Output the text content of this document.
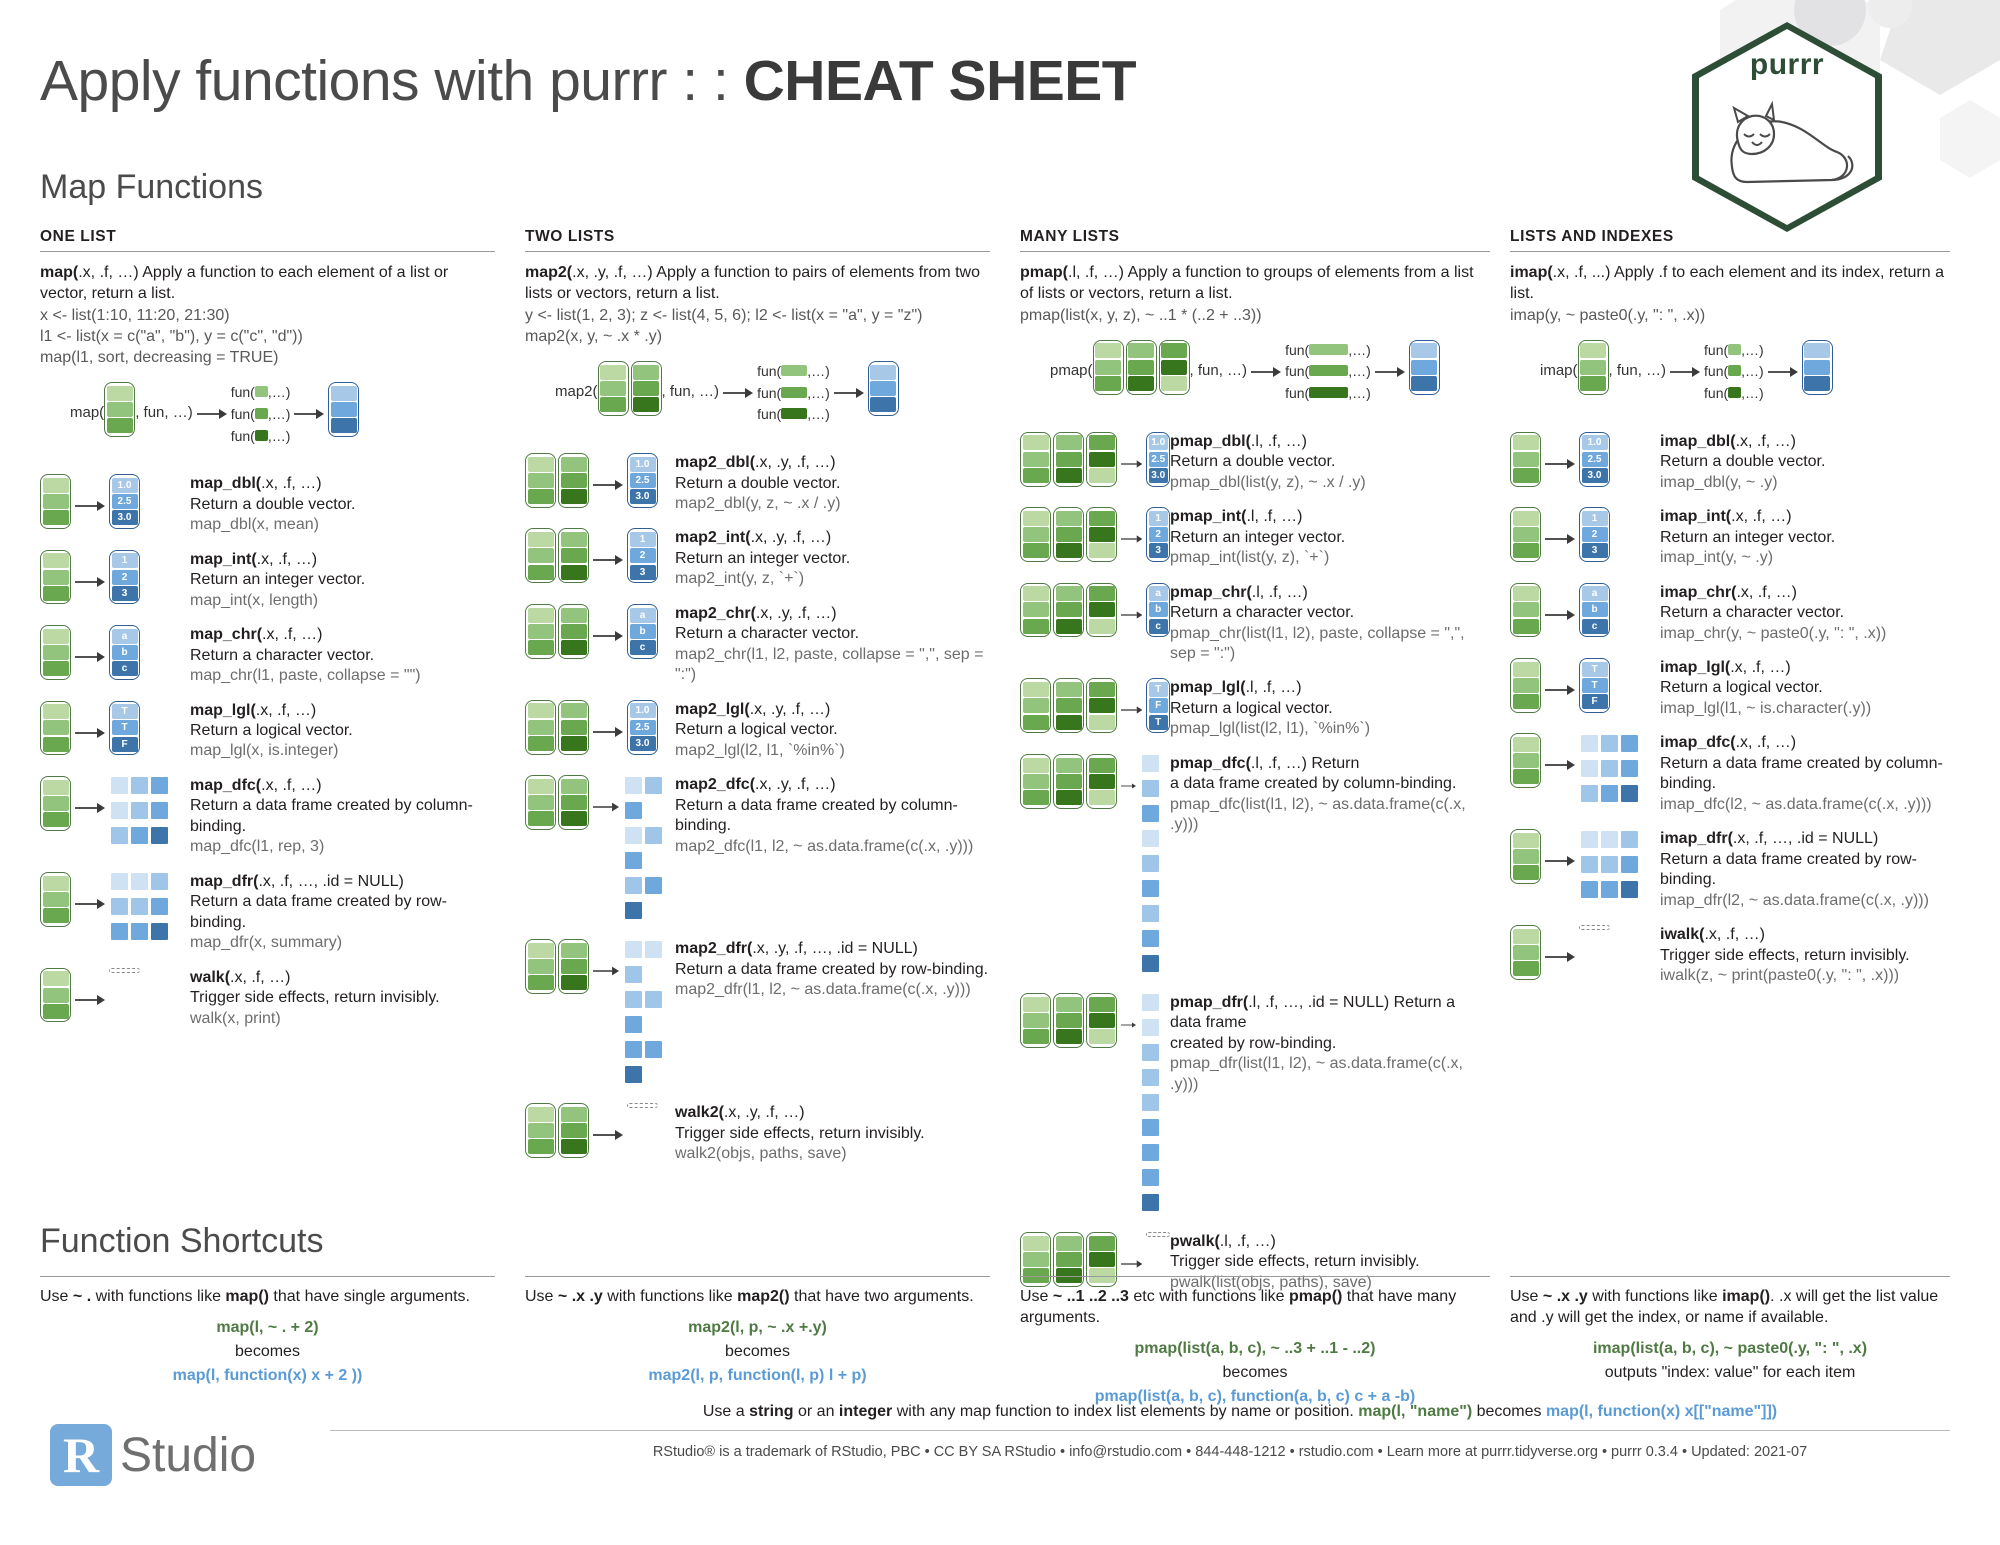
Apply functions with purrr : : CHEAT SHEET	purrr
Map Functions
Function Shortcuts
ONE LIST
map(.x, .f, …) Apply a function to each element of a list or vector, return a list.
x <- list(1:10, 11:20, 21:30)
l1 <- list(x = c("a", "b"), y = c("c", "d"))
map(l1, sort, decreasing = TRUE)
map( , fun, …)
fun( ,…)
fun( ,…)
fun( ,…)
1.0
2.5
3.0
map_dbl(.x, .f, …)
Return a double vector.
map_dbl(x, mean)
1
2
3
map_int(.x, .f, …)
Return an integer vector.
map_int(x, length)
a
b
c
map_chr(.x, .f, …)
Return a character vector.
map_chr(l1, paste, collapse = "")
T
T
F
map_lgl(.x, .f, …)
Return a logical vector.
map_lgl(x, is.integer)
map_dfc(.x, .f, …)
Return a data frame created by column-binding.
map_dfc(l1, rep, 3)
map_dfr(.x, .f, …, .id = NULL)
Return a data frame created by row-binding.
map_dfr(x, summary)
walk(.x, .f, …)
Trigger side effects, return invisibly.
walk(x, print)
TWO LISTS
map2(.x, .y, .f, …) Apply a function to pairs of elements from two lists or vectors, return a list.
y <- list(1, 2, 3); z <- list(4, 5, 6); l2 <- list(x = "a", y = "z")
map2(x, y, ~ .x * .y)
map2(	, fun, …)
fun( ,…)
fun( ,…)
fun( ,…)
1.0
2.5
3.0
map2_dbl(.x, .y, .f, …)
Return a double vector.
map2_dbl(y, z, ~ .x / .y)
1
2
3
map2_int(.x, .y, .f, …)
Return an integer vector.
map2_int(y, z, `+`)
a
b
c
map2_chr(.x, .y, .f, …)
Return a character vector.
map2_chr(l1, l2, paste, collapse = ",", sep = ":")
1.0
2.5
3.0
map2_lgl(.x, .y, .f, …)
Return a logical vector.
map2_lgl(l2, l1, `%in%`)
map2_dfc(.x, .y, .f, …)
Return a data frame created by column-binding.
map2_dfc(l1, l2, ~ as.data.frame(c(.x, .y)))
map2_dfr(.x, .y, .f, …, .id = NULL)
Return a data frame created by row-binding.
map2_dfr(l1, l2, ~ as.data.frame(c(.x, .y)))
walk2(.x, .y, .f, …)
Trigger side effects, return invisibly.
walk2(objs, paths, save)
MANY LISTS
pmap(.l, .f, …) Apply a function to groups of elements from a list of lists or vectors, return a list.
pmap(list(x, y, z), ~ ..1 * (..2 + ..3))
pmap(	, fun, …)
fun(	,…)
fun(	,…)
fun(	,…)
1.0
2.5
3.0
pmap_dbl(.l, .f, …)
Return a double vector.
pmap_dbl(list(y, z), ~ .x / .y)
1
2
3
pmap_int(.l, .f, …)
Return an integer vector.
pmap_int(list(y, z), `+`)
a
b
c
pmap_chr(.l, .f, …)
Return a character vector.
pmap_chr(list(l1, l2), paste, collapse = ",", sep = ":")
T
F
T
pmap_lgl(.l, .f, …)
Return a logical vector.
pmap_lgl(list(l2, l1), `%in%`)
pmap_dfc(.l, .f, …) Return
a data frame created by column-binding.
pmap_dfc(list(l1, l2), ~ as.data.frame(c(.x, .y)))
pmap_dfr(.l, .f, …, .id = NULL) Return a data frame
created by row-binding.
pmap_dfr(list(l1, l2), ~ as.data.frame(c(.x, .y)))
pwalk(.l, .f, …)
Trigger side effects, return invisibly.
pwalk(list(objs, paths), save)
LISTS AND INDEXES
imap(.x, .f, ...) Apply .f to each element and its index, return a list.
imap(y, ~ paste0(.y, ": ", .x))
imap( , fun, …)
fun( ,…)
fun( ,…)
fun( ,…)
1.0
2.5
3.0
imap_dbl(.x, .f, …)
Return a double vector.
imap_dbl(y, ~ .y)
1
2
3
imap_int(.x, .f, …)
Return an integer vector.
imap_int(y, ~ .y)
a
b
c
imap_chr(.x, .f, …)
Return a character vector.
imap_chr(y, ~ paste0(.y, ": ", .x))
T
T
F
imap_lgl(.x, .f, …)
Return a logical vector.
imap_lgl(l1, ~ is.character(.y))
imap_dfc(.x, .f, …)
Return a data frame created by column-binding.
imap_dfc(l2, ~ as.data.frame(c(.x, .y)))
imap_dfr(.x, .f, …, .id = NULL)
Return a data frame created by row-binding.
imap_dfr(l2, ~ as.data.frame(c(.x, .y)))
iwalk(.x, .f, …)
Trigger side effects, return invisibly.
iwalk(z, ~ print(paste0(.y, ": ", .x)))
Use ~ . with functions like map() that have single arguments.
map(l, ~ . + 2)
becomes
map(l, function(x) x + 2 ))
Use ~ .x .y with functions like map2() that have two arguments.
map2(l, p, ~ .x +.y)
becomes
map2(l, p, function(l, p) l + p)
Use ~ ..1 ..2 ..3 etc with functions like pmap() that have many arguments.
pmap(list(a, b, c), ~ ..3 + ..1 - ..2)
becomes
pmap(list(a, b, c), function(a, b, c) c + a -b)
Use ~ .x .y with functions like imap(). .x will get the list value and .y will get the index, or name if available.
imap(list(a, b, c), ~ paste0(.y, ": ", .x)
outputs "index: value" for each item
R Studio
Use a string or an integer with any map function to index list elements by name or position. map(l, "name") becomes map(l, function(x) x[["name"]])
RStudio® is a trademark of RStudio, PBC • CC BY SA RStudio • info@rstudio.com • 844-448-1212 • rstudio.com • Learn more at purrr.tidyverse.org • purrr 0.3.4 • Updated: 2021-07
